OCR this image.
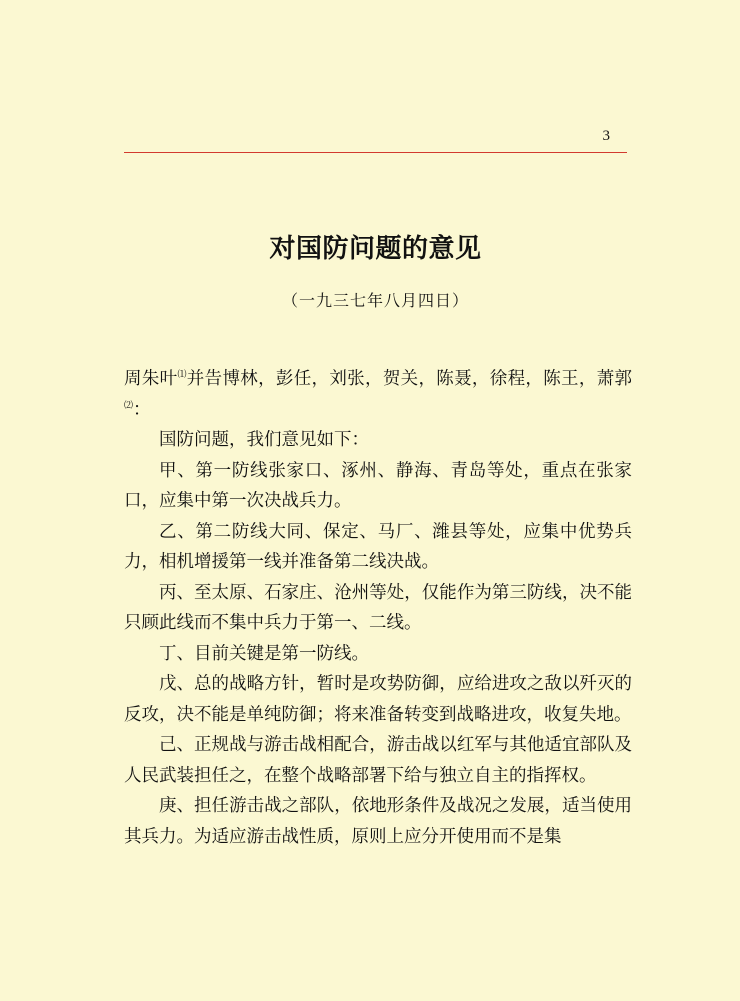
3
对国防问题的意见
（一九三七年八月四日）

周朱叶⑴并告博林，彭任，刘张，贺关，陈聂，徐程，陈王，萧郭⑵：

国防问题，我们意见如下：

甲、第一防线张家口、涿州、静海、青岛等处，重点在张家口，应集中第一次决战兵力。

乙、第二防线大同、保定、马厂、潍县等处，应集中优势兵力，相机增援第一线并准备第二线决战。

丙、至太原、石家庄、沧州等处，仅能作为第三防线，决不能只顾此线而不集中兵力于第一、二线。

丁、目前关键是第一防线。

戊、总的战略方针，暂时是攻势防御，应给进攻之敌以歼灭的反攻，决不能是单纯防御；将来准备转变到战略进攻，收复失地。

己、正规战与游击战相配合，游击战以红军与其他适宜部队及人民武装担任之，在整个战略部署下给与独立自主的指挥权。

庚、担任游击战之部队，依地形条件及战况之发展，适当使用其兵力。为适应游击战性质，原则上应分开使用而不是集
